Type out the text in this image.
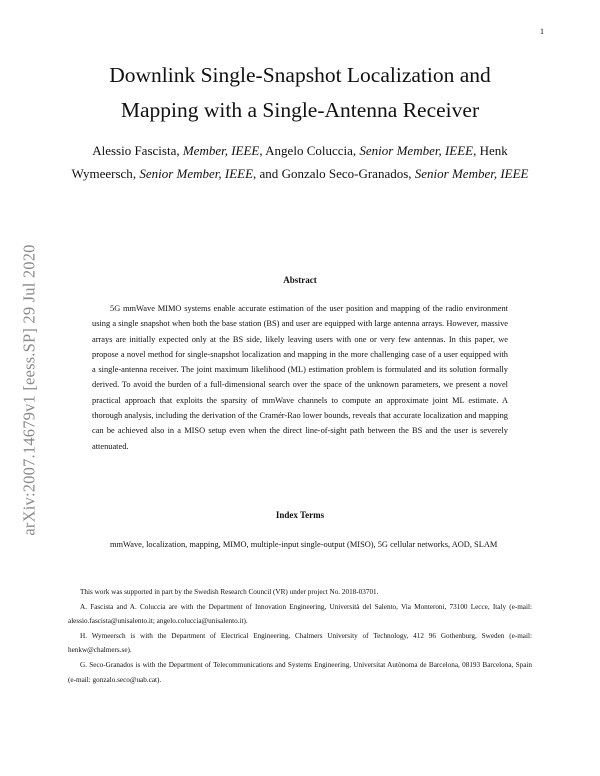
1
arXiv:2007.14679v1 [eess.SP] 29 Jul 2020
Downlink Single-Snapshot Localization and
Mapping with a Single-Antenna Receiver
Alessio Fascista, Member, IEEE, Angelo Coluccia, Senior Member, IEEE, Henk Wymeersch, Senior Member, IEEE, and Gonzalo Seco-Granados, Senior Member, IEEE
Abstract

5G mmWave MIMO systems enable accurate estimation of the user position and mapping of the radio environment using a single snapshot when both the base station (BS) and user are equipped with large antenna arrays. However, massive arrays are initially expected only at the BS side, likely leaving users with one or very few antennas. In this paper, we propose a novel method for single-snapshot localization and mapping in the more challenging case of a user equipped with a single-antenna receiver. The joint maximum likelihood (ML) estimation problem is formulated and its solution formally derived. To avoid the burden of a full-dimensional search over the space of the unknown parameters, we present a novel practical approach that exploits the sparsity of mmWave channels to compute an approximate joint ML estimate. A thorough analysis, including the derivation of the Cramér-Rao lower bounds, reveals that accurate localization and mapping can be achieved also in a MISO setup even when the direct line-of-sight path between the BS and the user is severely attenuated.

Index Terms

mmWave, localization, mapping, MIMO, multiple-input single-output (MISO), 5G cellular networks, AOD, SLAM

This work was supported in part by the Swedish Research Council (VR) under project No. 2018-03701.

A. Fascista and A. Coluccia are with the Department of Innovation Engineering, Università del Salento, Via Monteroni, 73100 Lecce, Italy (e-mail: alessio.fascista@unisalento.it; angelo.coluccia@unisalento.it).

H. Wymeersch is with the Department of Electrical Engineering, Chalmers University of Technology, 412 96 Gothenburg, Sweden (e-mail: henkw@chalmers.se).

G. Seco-Granados is with the Department of Telecommunications and Systems Engineering, Universitat Autònoma de Barcelona, 08193 Barcelona, Spain (e-mail: gonzalo.seco@uab.cat).
